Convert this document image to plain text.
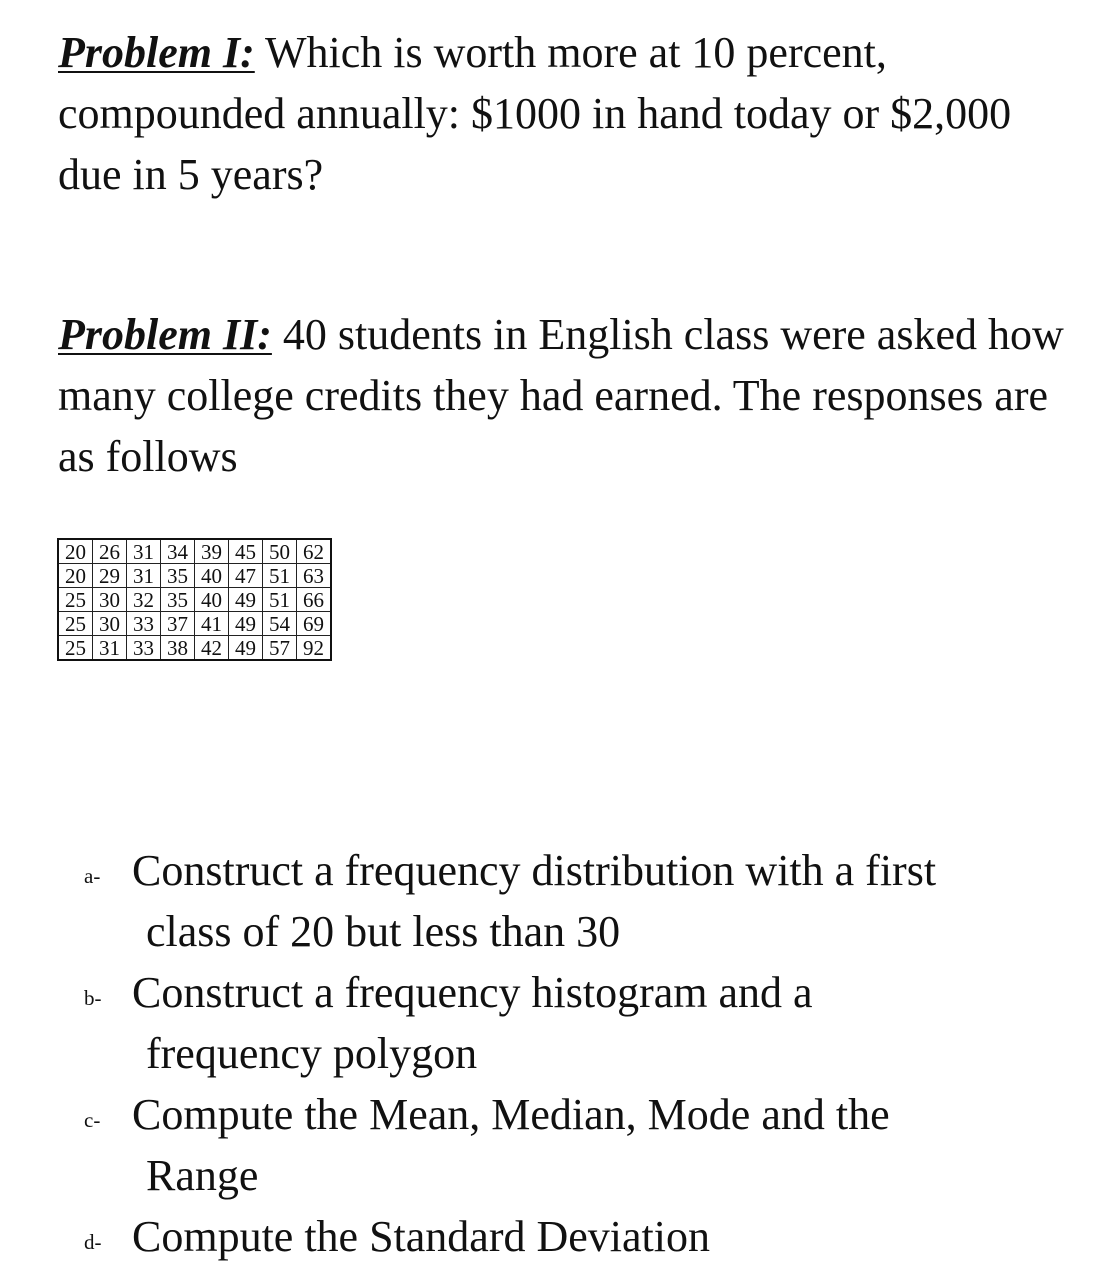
Problem I: Which is worth more at 10 percent, compounded annually: $1000 in hand today or $2,000 due in 5 years?

Problem II: 40 students in English class were asked how many college credits they had earned. The responses are as follows

20	26	31	34	39	45	50	62
20	29	31	35	40	47	51	63
25	30	32	35	40	49	51	66
25	30	33	37	41	49	54	69
25	31	33	38	42	49	57	92
a- Construct a frequency distribution with a first
class of 20 but less than 30
b- Construct a frequency histogram and a
frequency polygon
c- Compute the Mean, Median, Mode and the
Range
d- Compute the Standard Deviation
